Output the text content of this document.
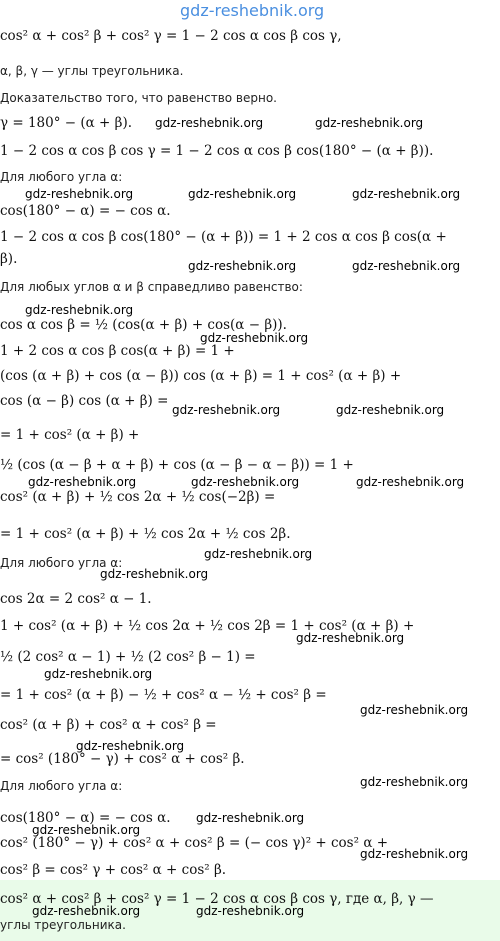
gdz-reshebnik.org
cos² α + cos² β + cos² γ = 1 − 2 cos α cos β cos γ,
α, β, γ — углы треугольника.
Доказательство того, что равенство верно.
γ = 180° − (α + β).
1 − 2 cos α cos β cos γ = 1 − 2 cos α cos β cos(180° − (α + β)).
Для любого угла α:
cos(180° − α) = − cos α.
1 − 2 cos α cos β cos(180° − (α + β)) = 1 + 2 cos α cos β cos(α +
β).
Для любых углов α и β справедливо равенство:
cos α cos β = ½ (cos(α + β) + cos(α − β)).
1 + 2 cos α cos β cos(α + β) = 1 +
(cos (α + β) + cos (α − β)) cos (α + β) = 1 + cos² (α + β) +
cos (α − β) cos (α + β) =
= 1 + cos² (α + β) +
½ (cos (α − β + α + β) + cos (α − β − α − β)) = 1 +
cos² (α + β) + ½ cos 2α + ½ cos(−2β) =
= 1 + cos² (α + β) + ½ cos 2α + ½ cos 2β.
Для любого угла α:
cos 2α = 2 cos² α − 1.
1 + cos² (α + β) + ½ cos 2α + ½ cos 2β = 1 + cos² (α + β) +
½ (2 cos² α − 1) + ½ (2 cos² β − 1) =
= 1 + cos² (α + β) − ½ + cos² α − ½ + cos² β =
cos² (α + β) + cos² α + cos² β =
= cos² (180° − γ) + cos² α + cos² β.
Для любого угла α:
cos(180° − α) = − cos α.
cos² (180° − γ) + cos² α + cos² β = (− cos γ)² + cos² α +
cos² β = cos² γ + cos² α + cos² β.
cos² α + cos² β + cos² γ = 1 − 2 cos α cos β cos γ, где α, β, γ —
углы треугольника.
gdz-reshebnik.org	gdz-reshebnik.org
gdz-reshebnik.org	gdz-reshebnik.org	gdz-reshebnik.org
gdz-reshebnik.org	gdz-reshebnik.org
gdz-reshebnik.org
gdz-reshebnik.org
gdz-reshebnik.org	gdz-reshebnik.org
gdz-reshebnik.org	gdz-reshebnik.org	gdz-reshebnik.org
gdz-reshebnik.org
gdz-reshebnik.org
gdz-reshebnik.org
gdz-reshebnik.org
gdz-reshebnik.org
gdz-reshebnik.org
gdz-reshebnik.org
gdz-reshebnik.org
gdz-reshebnik.org
gdz-reshebnik.org
gdz-reshebnik.org	gdz-reshebnik.org
